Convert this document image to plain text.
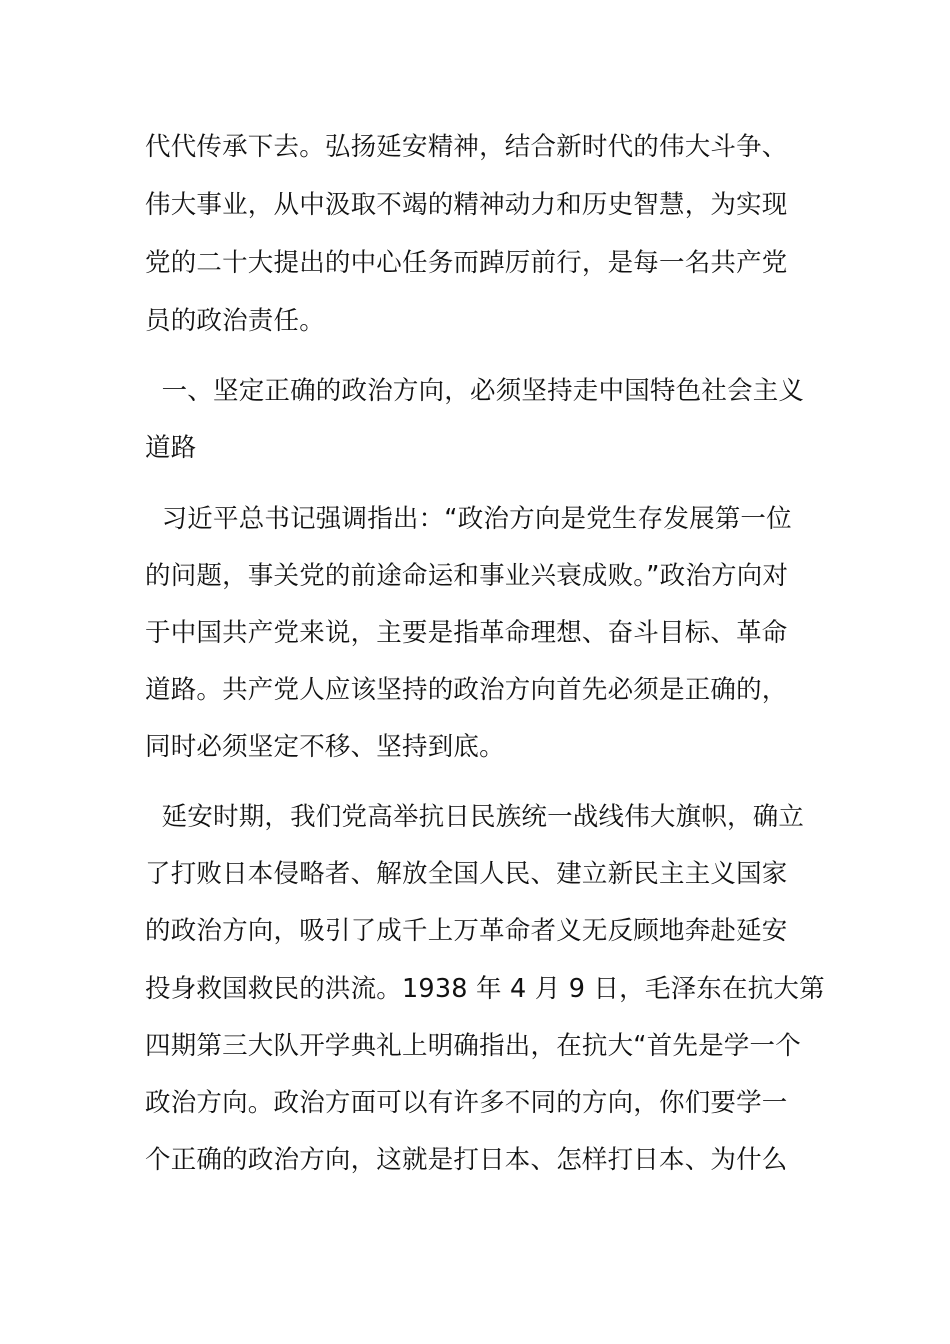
代代传承下去。弘扬延安精神，结合新时代的伟大斗争、
伟大事业，从中汲取不竭的精神动力和历史智慧，为实现
党的二十大提出的中心任务而踔厉前行，是每一名共产党
员的政治责任。
一、坚定正确的政治方向，必须坚持走中国特色社会主义
道路
习近平总书记强调指出：“政治方向是党生存发展第一位
的问题，事关党的前途命运和事业兴衰成败。”政治方向对
于中国共产党来说，主要是指革命理想、奋斗目标、革命
道路。共产党人应该坚持的政治方向首先必须是正确的，
同时必须坚定不移、坚持到底。
延安时期，我们党高举抗日民族统一战线伟大旗帜，确立
了打败日本侵略者、解放全国人民、建立新民主主义国家
的政治方向，吸引了成千上万革命者义无反顾地奔赴延安
投身救国救民的洪流。1938 年 4 月 9 日，毛泽东在抗大第
四期第三大队开学典礼上明确指出，在抗大“首先是学一个
政治方向。政治方面可以有许多不同的方向，你们要学一
个正确的政治方向，这就是打日本、怎样打日本、为什么
